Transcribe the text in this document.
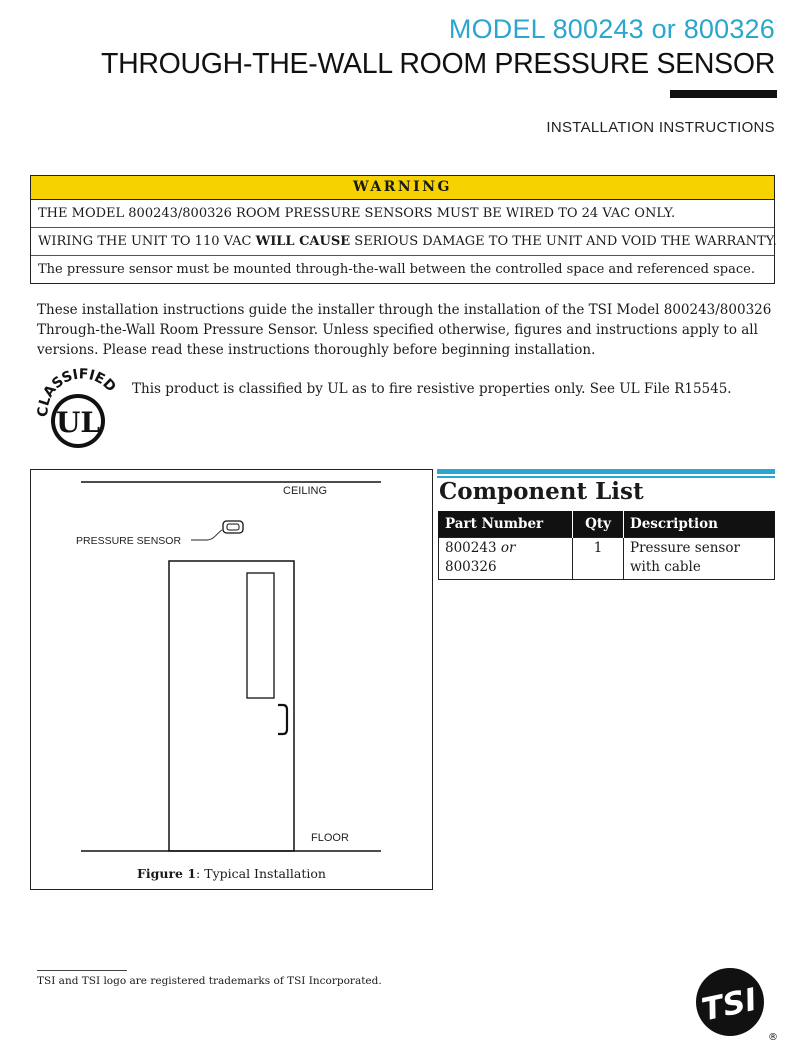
MODEL 800243 or 800326
THROUGH-THE-WALL ROOM PRESSURE SENSOR
INSTALLATION INSTRUCTIONS
WARNING
THE MODEL 800243/800326 ROOM PRESSURE SENSORS MUST BE WIRED TO 24 VAC ONLY.
WIRING THE UNIT TO 110 VAC WILL CAUSE SERIOUS DAMAGE TO THE UNIT AND VOID THE WARRANTY.
The pressure sensor must be mounted through-the-wall between the controlled space and referenced space.
These installation instructions guide the installer through the installation of the TSI Model 800243/800326 Through-the-Wall Room Pressure Sensor. Unless specified otherwise, figures and instructions apply to all versions. Please read these instructions thoroughly before beginning installation.
CLASSIFIED
UL
This product is classified by UL as to fire resistive properties only. See UL File R15545.
CEILING
PRESSURE SENSOR
FLOOR
Figure 1: Typical Installation
Component List
Part Number	Qty	Description
800243 or
800326	1	Pressure sensor with cable
TSI and TSI logo are registered trademarks of TSI Incorporated.
TSI
®
